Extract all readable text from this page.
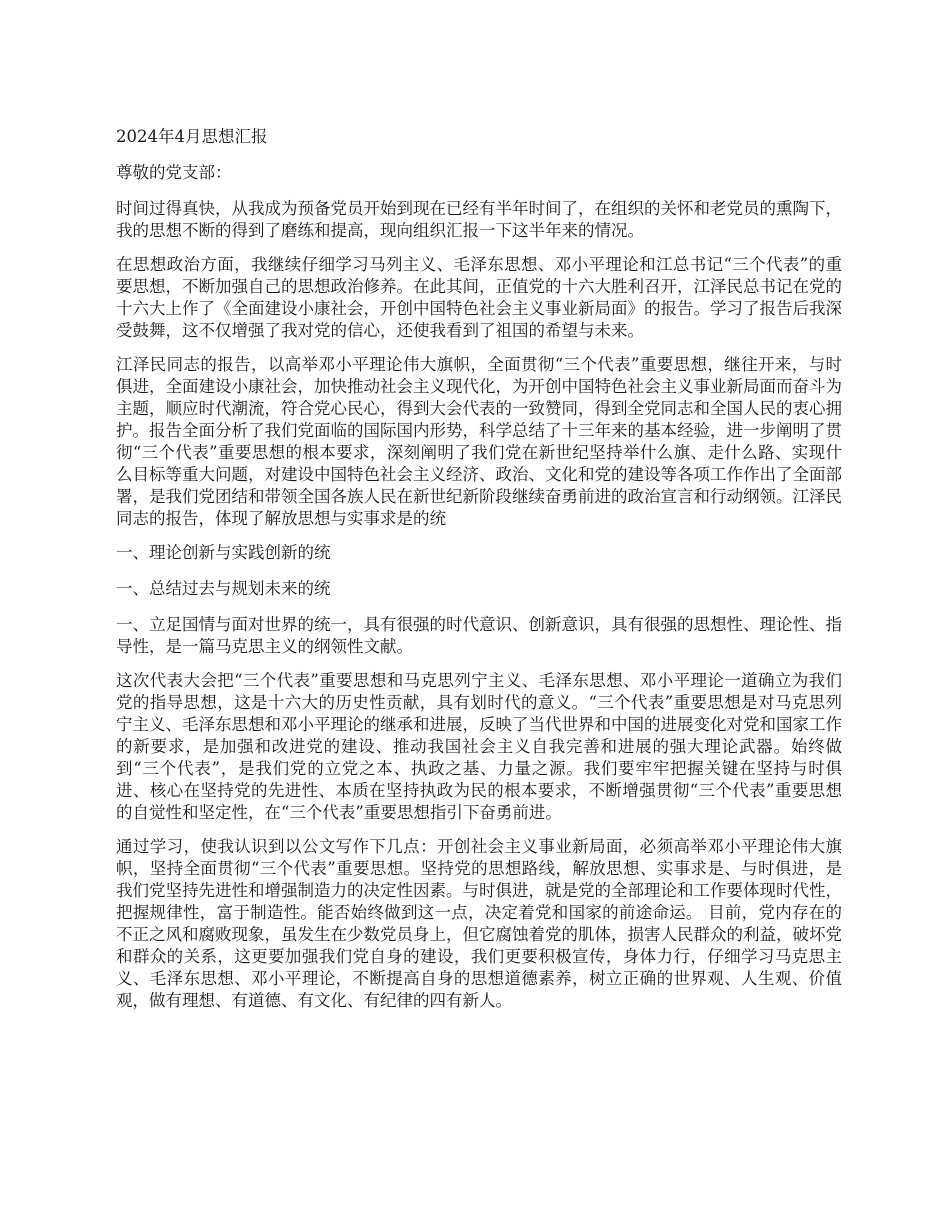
2024年4月思想汇报

尊敬的党支部：

时间过得真快，从我成为预备党员开始到现在已经有半年时间了，在组织的关怀和老党员的熏陶下，我的思想不断的得到了磨练和提高，现向组织汇报一下这半年来的情况。

在思想政治方面，我继续仔细学习马列主义、毛泽东思想、邓小平理论和江总书记“三个代表”的重要思想，不断加强自己的思想政治修养。在此其间，正值党的十六大胜利召开，江泽民总书记在党的十六大上作了《全面建设小康社会，开创中国特色社会主义事业新局面》的报告。学习了报告后我深受鼓舞，这不仅增强了我对党的信心，还使我看到了祖国的希望与未来。

江泽民同志的报告，以高举邓小平理论伟大旗帜，全面贯彻“三个代表”重要思想，继往开来，与时俱进，全面建设小康社会，加快推动社会主义现代化，为开创中国特色社会主义事业新局面而奋斗为主题，顺应时代潮流，符合党心民心，得到大会代表的一致赞同，得到全党同志和全国人民的衷心拥护。报告全面分析了我们党面临的国际国内形势，科学总结了十三年来的基本经验，进一步阐明了贯彻“三个代表”重要思想的根本要求，深刻阐明了我们党在新世纪坚持举什么旗、走什么路、实现什么目标等重大问题，对建设中国特色社会主义经济、政治、文化和党的建设等各项工作作出了全面部署，是我们党团结和带领全国各族人民在新世纪新阶段继续奋勇前进的政治宣言和行动纲领。江泽民同志的报告，体现了解放思想与实事求是的统

一、理论创新与实践创新的统

一、总结过去与规划未来的统

一、立足国情与面对世界的统一，具有很强的时代意识、创新意识，具有很强的思想性、理论性、指导性，是一篇马克思主义的纲领性文献。

这次代表大会把“三个代表”重要思想和马克思列宁主义、毛泽东思想、邓小平理论一道确立为我们党的指导思想，这是十六大的历史性贡献，具有划时代的意义。“三个代表”重要思想是对马克思列宁主义、毛泽东思想和邓小平理论的继承和进展，反映了当代世界和中国的进展变化对党和国家工作的新要求，是加强和改进党的建设、推动我国社会主义自我完善和进展的强大理论武器。始终做到“三个代表”，是我们党的立党之本、执政之基、力量之源。我们要牢牢把握关键在坚持与时俱进、核心在坚持党的先进性、本质在坚持执政为民的根本要求，不断增强贯彻“三个代表”重要思想的自觉性和坚定性，在“三个代表”重要思想指引下奋勇前进。

通过学习，使我认识到以公文写作下几点：开创社会主义事业新局面，必须高举邓小平理论伟大旗帜，坚持全面贯彻“三个代表”重要思想。坚持党的思想路线，解放思想、实事求是、与时俱进，是我们党坚持先进性和增强制造力的决定性因素。与时俱进，就是党的全部理论和工作要体现时代性，把握规律性，富于制造性。能否始终做到这一点，决定着党和国家的前途命运。 目前，党内存在的不正之风和腐败现象，虽发生在少数党员身上，但它腐蚀着党的肌体，损害人民群众的利益，破坏党和群众的关系，这更要加强我们党自身的建设，我们更要积极宣传，身体力行，仔细学习马克思主义、毛泽东思想、邓小平理论，不断提高自身的思想道德素养，树立正确的世界观、人生观、价值观，做有理想、有道德、有文化、有纪律的四有新人。
